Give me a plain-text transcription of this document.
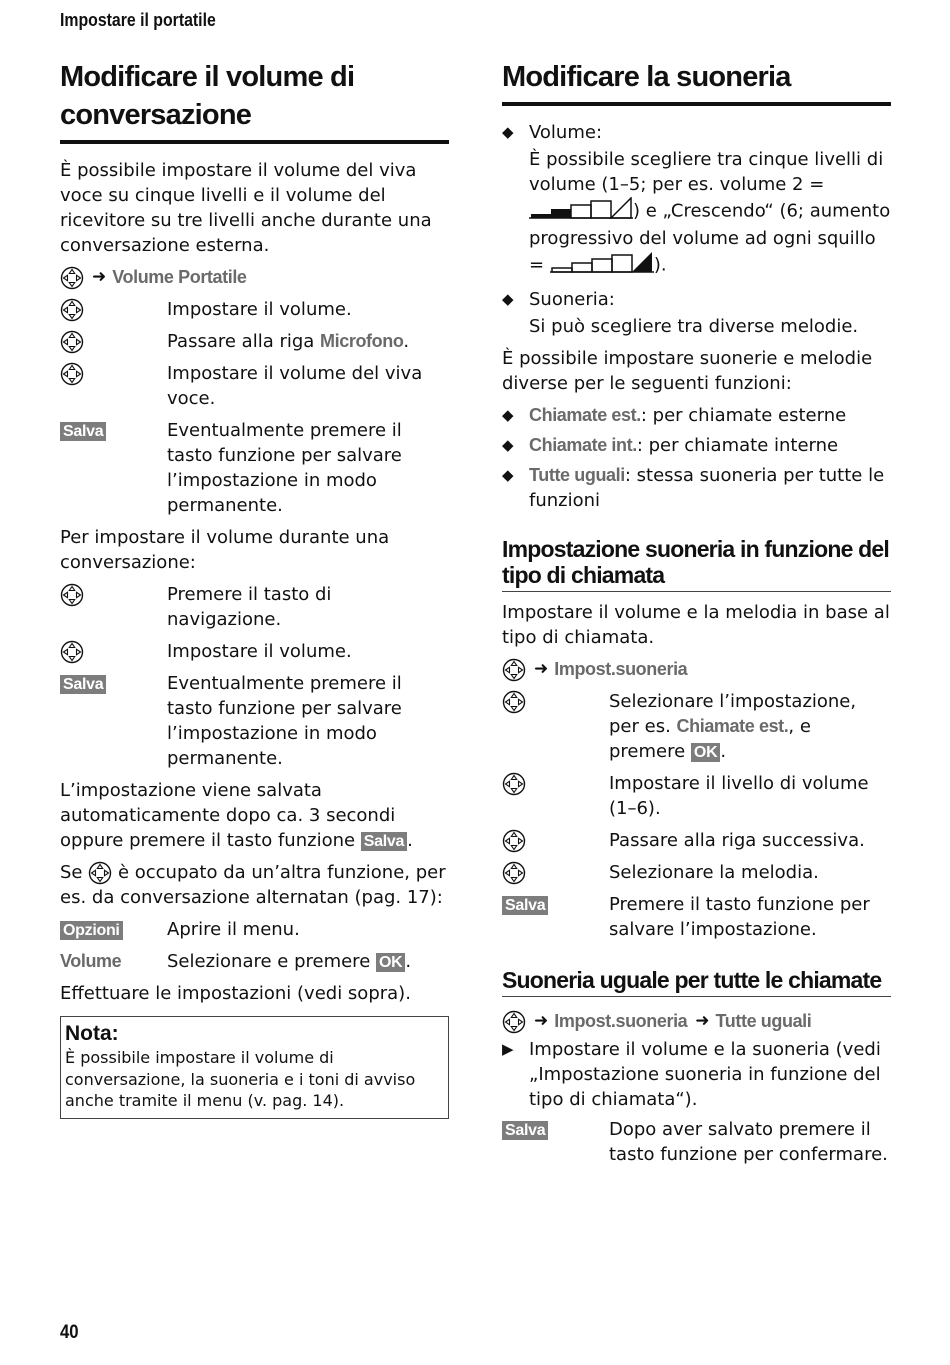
Impostare il portatile
Modificare il volume di conversazione

È possibile impostare il volume del viva voce su cinque livelli e il volume del ricevitore su tre livelli anche durante una conversazione esterna.

➜ Volume Portatile
Impostare il volume.
Passare alla riga Microfono.
Impostare il volume del viva voce.
Salva	Eventualmente premere il tasto funzione per salvare l’impostazione in modo permanente.

Per impostare il volume durante una conversazione:

Premere il tasto di navigazione.
Impostare il volume.
Salva	Eventualmente premere il tasto funzione per salvare l’impostazione in modo permanente.

L’impostazione viene salvata automaticamente dopo ca. 3 secondi oppure premere il tasto funzione Salva .

Se  è occupato da un’altra funzione, per es. da conversazione alternatan (pag. 17):

Opzioni	Aprire il menu.
Volume	Selezionare e premere OK .

Effettuare le impostazioni (vedi sopra).

Nota:
È possibile impostare il volume di conversazione, la suoneria e i toni di avviso anche tramite il menu (v. pag. 14).
Modificare la suoneria
◆ Volume:

È possibile scegliere tra cinque livelli di volume (1–5; per es. volume 2 = ) e „Crescendo“ (6; aumento progressivo del volume ad ogni squillo =	).

◆ Suoneria:

Si può scegliere tra diverse melodie.

È possibile impostare suonerie e melodie diverse per le seguenti funzioni:

◆ Chiamate est.: per chiamate esterne
◆ Chiamate int.: per chiamate interne
◆ Tutte uguali: stessa suoneria per tutte le funzioni
Impostazione suoneria in funzione del tipo di chiamata

Impostare il volume e la melodia in base al tipo di chiamata.

➜ Impost.suoneria
Selezionare l’impostazione, per es. Chiamate est., e premere OK .
Impostare il livello di volume (1–6).
Passare alla riga successiva.
Selezionare la melodia.
Salva	Premere il tasto funzione per salvare l’impostazione.
Suoneria uguale per tutte le chiamate
➜ Impost.suoneria ➜ Tutte uguali
▶ Impostare il volume e la suoneria (vedi „Impostazione suoneria in funzione del tipo di chiamata“).
Salva	Dopo aver salvato premere il tasto funzione per confermare.
40
